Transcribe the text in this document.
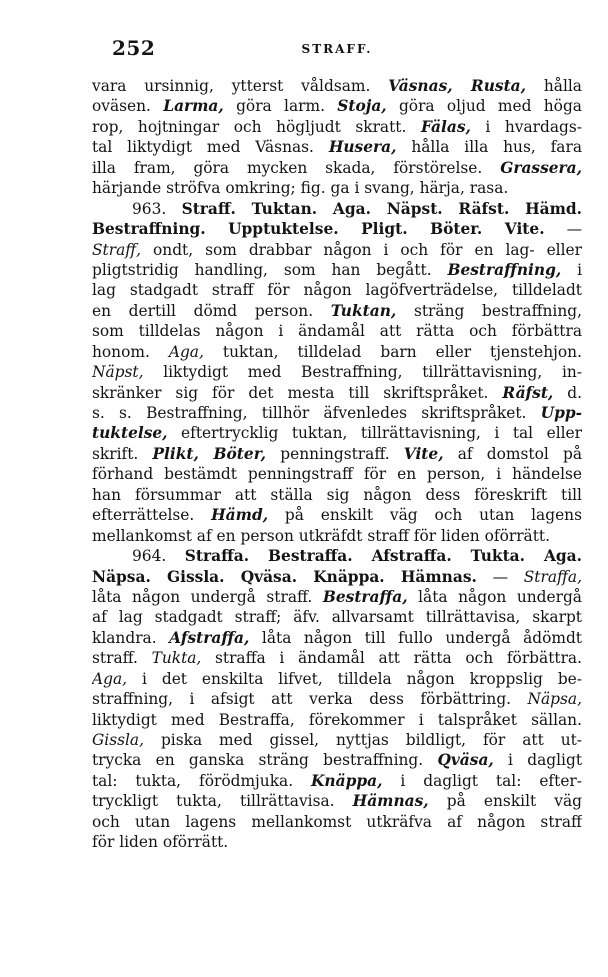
252	STRAFF.
vara ursinnig, ytterst våldsam. Väsnas, Rusta, hålla
oväsen. Larma, göra larm. Stoja, göra oljud med höga
rop, hojtningar och högljudt skratt. Fälas, i hvardags-
tal liktydigt med Väsnas. Husera, hålla illa hus, fara
illa fram, göra mycken skada, förstörelse. Grassera,
härjande ströfva omkring; fig. ga i svang, härja, rasa.
963. Straff. Tuktan. Aga. Näpst. Räfst. Hämd.
Bestraffning. Upptuktelse. Pligt. Böter. Vite. —
Straff, ondt, som drabbar någon i och för en lag- eller
pligtstridig handling, som han begått. Bestraffning, i
lag stadgadt straff för någon lagöfverträdelse, tilldeladt
en dertill dömd person. Tuktan, sträng bestraffning,
som tilldelas någon i ändamål att rätta och förbättra
honom. Aga, tuktan, tilldelad barn eller tjenstehjon.
Näpst, liktydigt med Bestraffning, tillrättavisning, in-
skränker sig för det mesta till skriftspråket. Räfst, d.
s. s. Bestraffning, tillhör äfvenledes skriftspråket. Upp-
tuktelse, eftertrycklig tuktan, tillrättavisning, i tal eller
skrift. Plikt, Böter, penningstraff. Vite, af domstol på
förhand bestämdt penningstraff för en person, i händelse
han försummar att ställa sig någon dess föreskrift till
efterrättelse. Hämd, på enskilt väg och utan lagens
mellankomst af en person utkräfdt straff för liden oförrätt.
964. Straffa. Bestraffa. Afstraffa. Tukta. Aga.
Näpsa. Gissla. Qväsa. Knäppa. Hämnas. — Straffa,
låta någon undergå straff. Bestraffa, låta någon undergå
af lag stadgadt straff; äfv. allvarsamt tillrättavisa, skarpt
klandra. Afstraffa, låta någon till fullo undergå ådömdt
straff. Tukta, straffa i ändamål att rätta och förbättra.
Aga, i det enskilta lifvet, tilldela någon kroppslig be-
straffning, i afsigt att verka dess förbättring. Näpsa,
liktydigt med Bestraffa, förekommer i talspråket sällan.
Gissla, piska med gissel, nyttjas bildligt, för att ut-
trycka en ganska sträng bestraffning. Qväsa, i dagligt
tal: tukta, förödmjuka. Knäppa, i dagligt tal: efter-
tryckligt tukta, tillrättavisa. Hämnas, på enskilt väg
och utan lagens mellankomst utkräfva af någon straff
för liden oförrätt.
